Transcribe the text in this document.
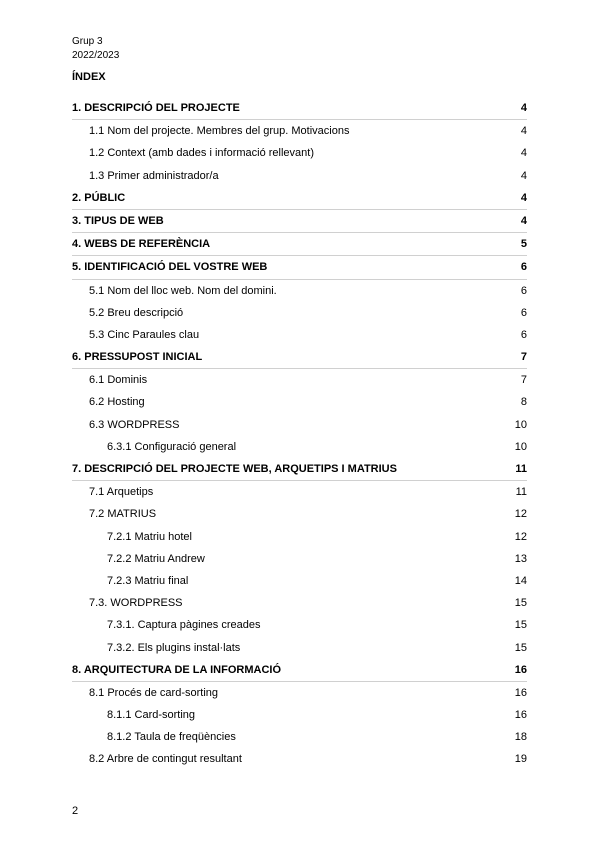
Grup 3
2022/2023
ÍNDEX
1. DESCRIPCIÓ DEL PROJECTE	4
1.1 Nom del projecte. Membres del grup. Motivacions	4
1.2 Context (amb dades i informació rellevant)	4
1.3 Primer administrador/a	4
2. PÚBLIC	4
3. TIPUS DE WEB	4
4. WEBS DE REFERÈNCIA	5
5. IDENTIFICACIÓ DEL VOSTRE WEB	6
5.1 Nom del lloc web. Nom del domini.	6
5.2 Breu descripció	6
5.3 Cinc Paraules clau	6
6. PRESSUPOST INICIAL	7
6.1 Dominis	7
6.2 Hosting	8
6.3 WORDPRESS	10
6.3.1 Configuració general	10
7. DESCRIPCIÓ DEL PROJECTE WEB, ARQUETIPS I MATRIUS	11
7.1 Arquetips	11
7.2 MATRIUS	12
7.2.1 Matriu hotel	12
7.2.2 Matriu Andrew	13
7.2.3 Matriu final	14
7.3. WORDPRESS	15
7.3.1. Captura pàgines creades	15
7.3.2. Els plugins instal·lats	15
8. ARQUITECTURA DE LA INFORMACIÓ	16
8.1 Procés de card-sorting	16
8.1.1 Card-sorting	16
8.1.2 Taula de freqüències	18
8.2 Arbre de contingut resultant	19
2
